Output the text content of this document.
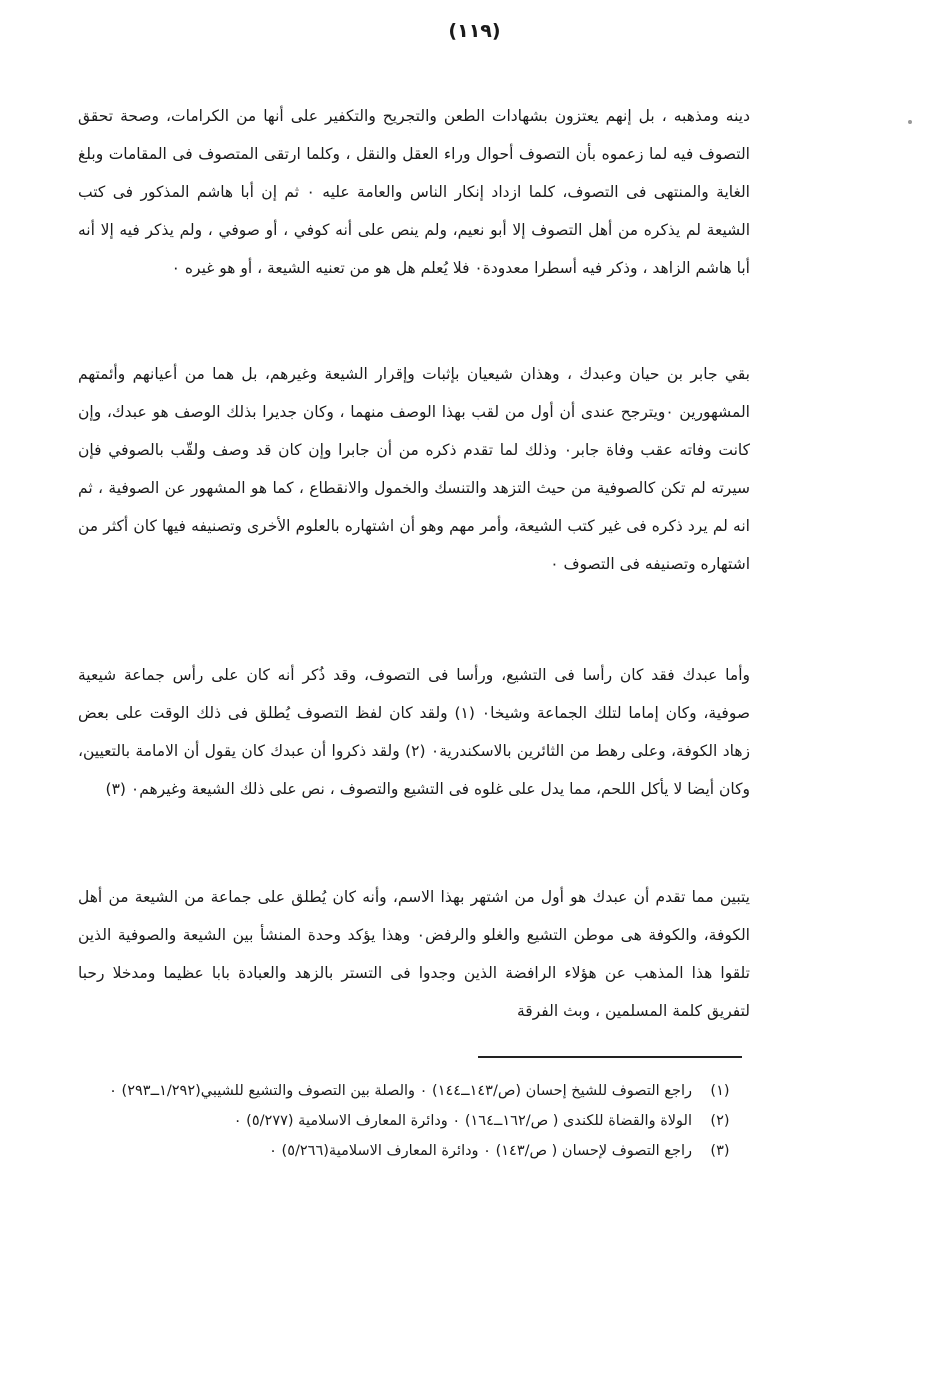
(١١٩)

دينه ومذهبه ، بل إنهم يعتزون بشهادات الطعن والتجريح والتكفير على أنها من الكرامات، وصحة تحقق التصوف فيه لما زعموه بأن التصوف أحوال وراء العقل والنقل ، وكلما ارتقى المتصوف فى المقامات وبلغ الغاية والمنتهى فى التصوف، كلما ازداد إنكار الناس والعامة عليه ٠ ثم إن أبا هاشم المذكور فى كتب الشيعة لم يذكره من أهل التصوف إلا أبو نعيم، ولم ينص على أنه كوفي ، أو صوفي ، ولم يذكر فيه إلا أنه أبا هاشم الزاهد ، وذكر فيه أسطرا معدودة٠ فلا يُعلم هل هو من تعنيه الشيعة ، أو هو غيره ٠

بقي جابر بن حيان وعبدك ، وهذان شيعيان بإثبات وإقرار الشيعة وغيرهم، بل هما من أعيانهم وأئمتهم المشهورين ٠ويترجح عندى أن أول من لقب بهذا الوصف منهما ، وكان جديرا بذلك الوصف هو عبدك، وإن كانت وفاته عقب وفاة جابر٠ وذلك لما تقدم ذكره من أن جابرا وإن كان قد وصف ولقّب بالصوفي فإن سيرته لم تكن كالصوفية من حيث التزهد والتنسك والخمول والانقطاع ، كما هو المشهور عن الصوفية ، ثم انه لم يرد ذكره فى غير كتب الشيعة، وأمر مهم وهو أن اشتهاره بالعلوم الأخرى وتصنيفه فيها كان أكثر من اشتهاره وتصنيفه فى التصوف ٠

وأما عبدك فقد كان رأسا فى التشيع، ورأسا فى التصوف، وقد ذُكر أنه كان على رأس جماعة شيعية صوفية، وكان إماما لتلك الجماعة وشيخا٠ (١) ولقد كان لفظ التصوف يُطلق فى ذلك الوقت على بعض زهاد الكوفة، وعلى رهط من الثائرين بالاسكندرية٠ (٢) ولقد ذكروا أن عبدك كان يقول أن الامامة بالتعيين، وكان أيضا لا يأكل اللحم، مما يدل على غلوه فى التشيع والتصوف ، نص على ذلك الشيعة وغيرهم٠ (٣)

يتبين مما تقدم أن عبدك هو أول من اشتهر بهذا الاسم، وأنه كان يُطلق على جماعة من الشيعة من أهل الكوفة، والكوفة هى موطن التشيع والغلو والرفض٠ وهذا يؤكد وحدة المنشأ بين الشيعة والصوفية الذين تلقوا هذا المذهب عن هؤلاء الرافضة الذين وجدوا فى التستر بالزهد والعبادة بابا عظيما ومدخلا رحبا لتفريق كلمة المسلمين ، وبث الفرقة

(١)
راجع التصوف للشيخ إحسان (ص/١٤٣ــ١٤٤) ٠ والصلة بين التصوف والتشيع للشيبي(١/٢٩٢ــ٢٩٣) ٠
(٢)
الولاة والقضاة للكندى ( ص/١٦٢ــ١٦٤) ٠ ودائرة المعارف الاسلامية (٥/٢٧٧) ٠
(٣)
راجع التصوف لإحسان ( ص/١٤٣) ٠ ودائرة المعارف الاسلامية(٥/٢٦٦) ٠
